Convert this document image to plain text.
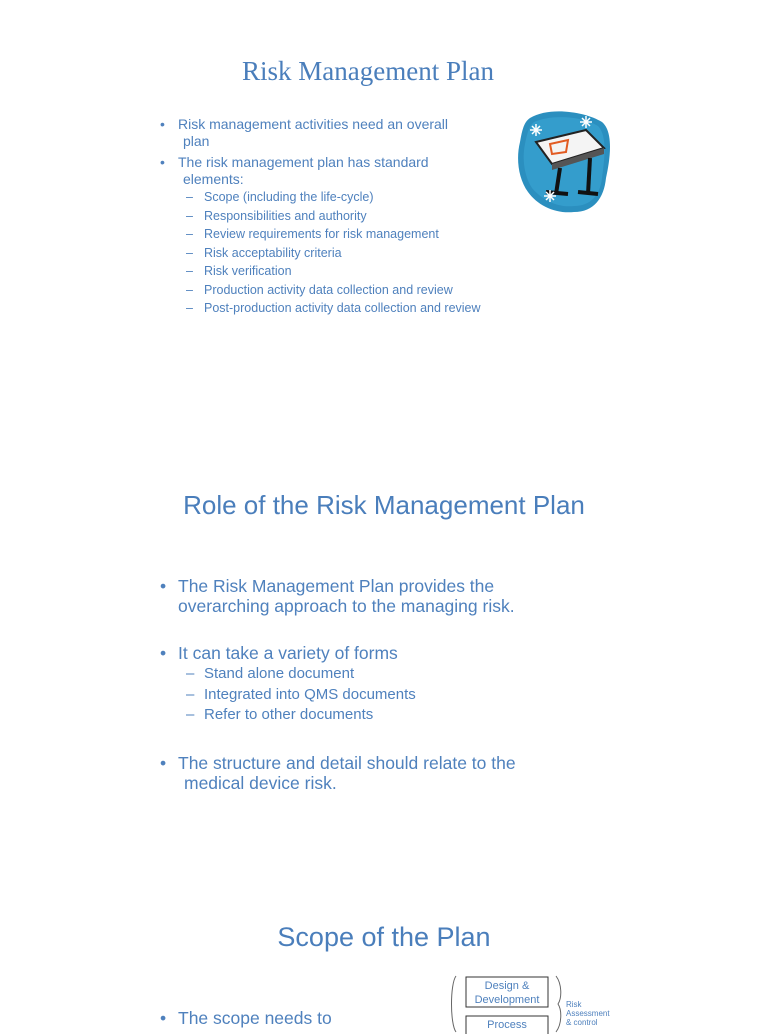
Risk Management Plan
• Risk management activities need an overall
plan
• The risk management plan has standard
elements:
– Scope (including the life-cycle)
– Responsibilities and authority
– Review requirements for risk management
– Risk acceptability criteria
– Risk verification
– Production activity data collection and review
– Post-production activity data collection and review
Role of the Risk Management Plan
• The Risk Management Plan provides the
overarching approach to the managing risk.
• It can take a variety of forms
– Stand alone document
– Integrated into QMS documents
– Refer to other documents
• The structure and detail should relate to the
medical device risk.
Scope of the Plan
• The scope needs to
Design &
Development
Process
Risk
Assessment
& control
